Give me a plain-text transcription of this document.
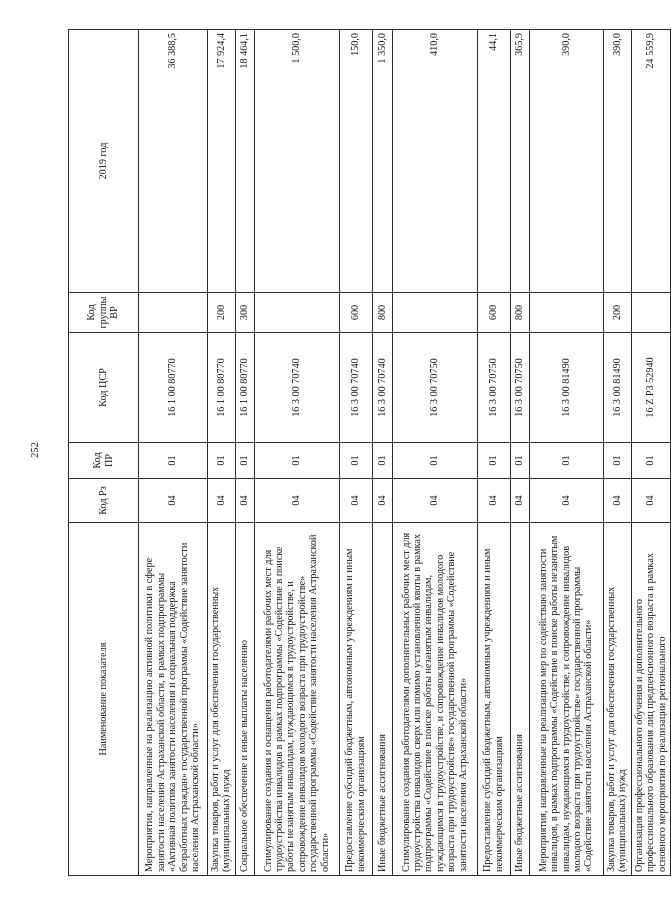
252
Наименование показателя	Код Рз	Код ПР	Код ЦСР	Код группы ВР	2019 год
Мероприятия, направленные на реализацию активной политики в сфере занятости населения Астраханской области, в рамках подпрограммы «Активная политика занятости населения и социальная поддержка безработных граждан» государственной программы «Содействие занятости населения Астраханской области»	04	01	16 1 00 80770		36 388,5
Закупка товаров, работ и услуг для обеспечения государственных (муниципальных) нужд	04	01	16 1 00 80770	200	17 924,4
Социальное обеспечение и иные выплаты населению	04	01	16 1 00 80770	300	18 464,1
Стимулирование создания и оснащения работодателями рабочих мест для трудоустройства инвалидов в рамках подпрограммы «Содействие в поиске работы незанятым инвалидам, нуждающимся в трудоустройстве, и сопровождение инвалидов молодого возраста при трудоустройстве» государственной программы «Содействие занятости населения Астраханской области»	04	01	16 3 00 70740		1 500,0
Предоставление субсидий бюджетным, автономным учреждениям и иным некоммерческим организациям	04	01	16 3 00 70740	600	150,0
Иные бюджетные ассигнования	04	01	16 3 00 70740	800	1 350,0
Стимулирование создания работодателями дополнительных рабочих мест для трудоустройства инвалидов сверх или помимо установленной квоты в рамках подпрограммы «Содействие в поиске работы незанятым инвалидам, нуждающимся в трудоустройстве, и сопровождение инвалидов молодого возраста при трудоустройстве» государственной программы «Содействие занятости населения Астраханской области»	04	01	16 3 00 70750		410,0
Предоставление субсидий бюджетным, автономным учреждениям и иным некоммерческим организациям	04	01	16 3 00 70750	600	44,1
Иные бюджетные ассигнования	04	01	16 3 00 70750	800	365,9
Мероприятия, направленные на реализацию мер по содействию занятости инвалидов, в рамках подпрограммы «Содействие в поиске работы незанятым инвалидам, нуждающимся в трудоустройстве, и сопровождение инвалидов молодого возраста при трудоустройстве» государственной программы «Содействие занятости населения Астраханской области»	04	01	16 3 00 81490		390,0
Закупка товаров, работ и услуг для обеспечения государственных (муниципальных) нужд	04	01	16 3 00 81490	200	390,0
Организация профессионального обучения и дополнительного профессионального образования лиц предпенсионного возраста в рамках основного мероприятия по реализации регионального	04	01	16 Z P3 52940		24 559,9
